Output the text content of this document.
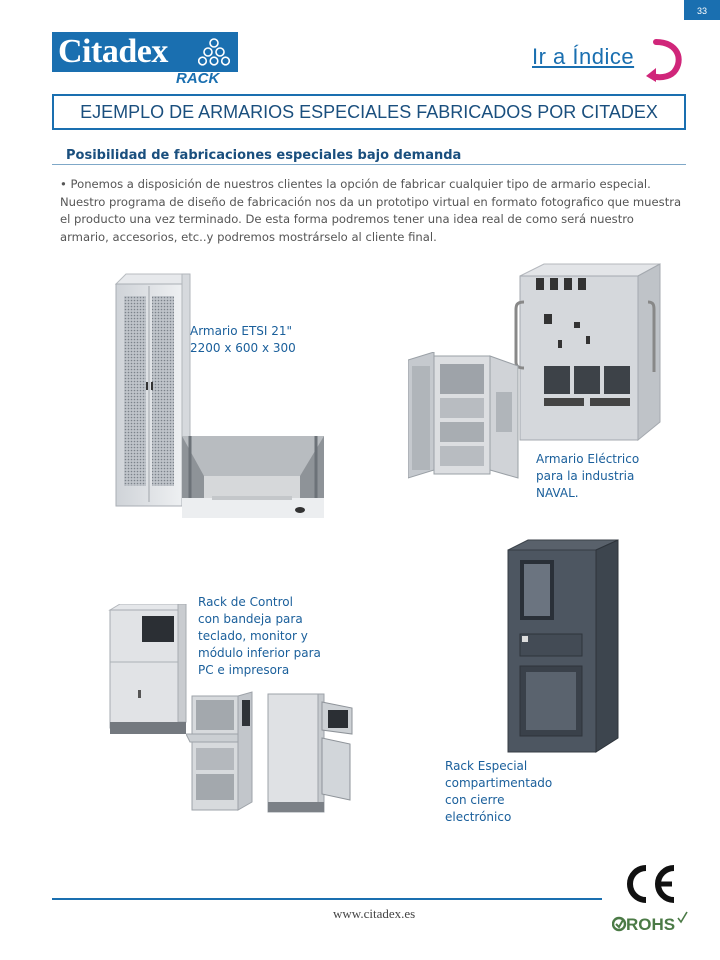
33
Citadex
RACK
Ir a Índice
EJEMPLO DE ARMARIOS ESPECIALES FABRICADOS POR CITADEX
Posibilidad de fabricaciones especiales bajo demanda
• Ponemos a disposición de nuestros clientes la opción de fabricar cualquier tipo de armario especial. Nuestro programa de diseño de fabricación nos da un prototipo virtual en formato fotografico que muestra el producto una vez terminado. De esta forma podremos tener una idea real de como será nuestro armario, accesorios, etc..y podremos mostrárselo al cliente final.
Armario ETSI 21"
2200 x 600 x 300
Armario Eléctrico
para la industria
NAVAL.
Rack de Control
con bandeja para
teclado, monitor y
módulo inferior para
PC e impresora
Rack Especial
compartimentado
con cierre
electrónico
www.citadex.es
ROHS
